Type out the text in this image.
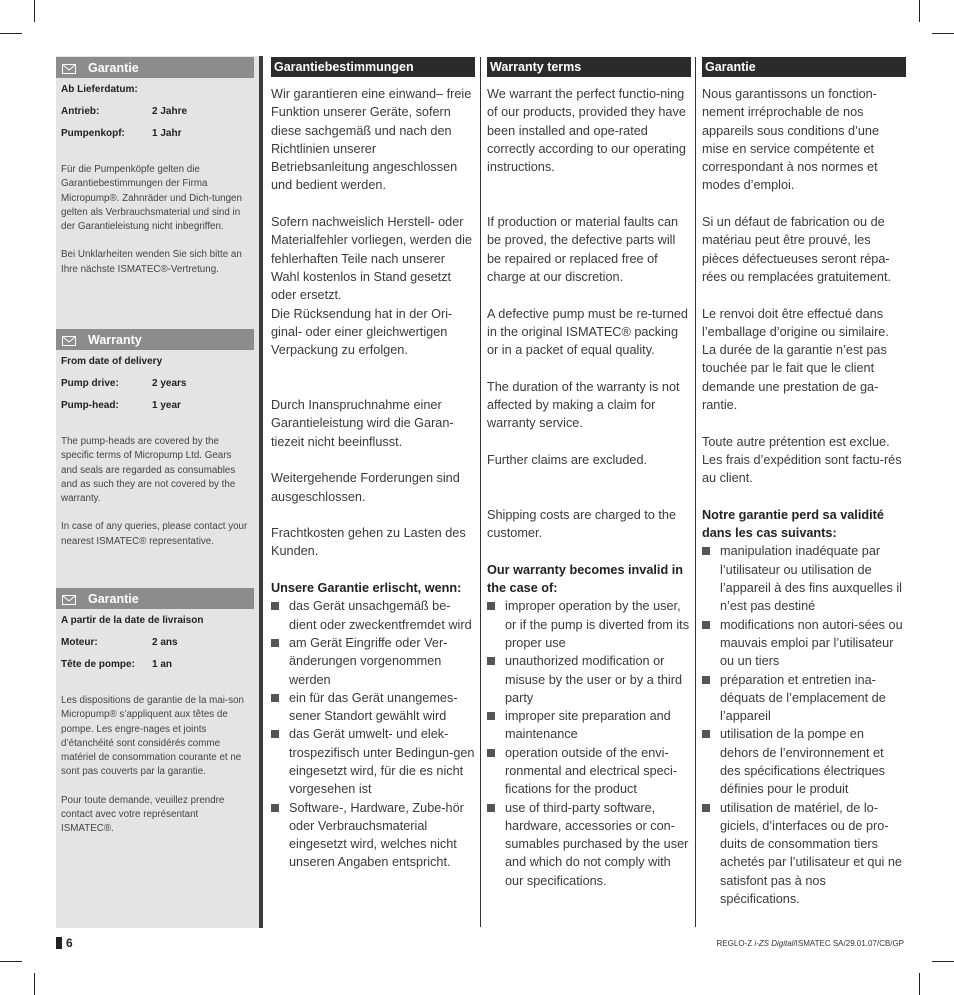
Garantie
Ab Lieferdatum:
Antrieb:	2 Jahre
Pumpenkopf:	1 Jahr

Für die Pumpenköpfe gelten die Garantiebestimmungen der Firma Micropump®. Zahnräder und Dich-tungen gelten als Verbrauchsmaterial und sind in der Garantieleistung nicht inbegriffen.

Bei Unklarheiten wenden Sie sich bitte an Ihre nächste ISMATEC®-Vertretung.

Warranty
From date of delivery
Pump drive:	2 years
Pump-head:	1 year

The pump-heads are covered by the specific terms of Micropump Ltd. Gears and seals are regarded as consumables and as such they are not covered by the warranty.

In case of any queries, please contact your nearest ISMATEC® representative.

Garantie
A partir de la date de livraison
Moteur:	2 ans
Tête de pompe:	1 an

Les dispositions de garantie de la mai-son Micropump® s’appliquent aux têtes de pompe. Les engre-nages et joints d’étanchéité sont considérés comme matériel de consommation courante et ne sont pas couverts par la garantie.

Pour toute demande, veuillez prendre contact avec votre représentant ISMATEC®.

Garantiebestimmungen

Wir garantieren eine einwand– freie Funktion unserer Geräte, sofern diese sachgemäß und nach den Richtlinien unserer Betriebsanleitung angeschlossen und bedient werden.

Sofern nachweislich Herstell- oder Materialfehler vorliegen, werden die fehlerhaften Teile nach unserer Wahl kostenlos in Stand gesetzt oder ersetzt.

Die Rücksendung hat in der Ori-ginal- oder einer gleichwertigen Verpackung zu erfolgen.

Durch Inanspruchnahme einer Garantieleistung wird die Garan-tiezeit nicht beeinflusst.

Weitergehende Forderungen sind ausgeschlossen.

Frachtkosten gehen zu Lasten des Kunden.

Unsere Garantie erlischt, wenn:

das Gerät unsachgemäß be-dient oder zweckentfremdet wird
am Gerät Eingriffe oder Ver-änderungen vorgenommen werden
ein für das Gerät unangemes-sener Standort gewählt wird
das Gerät umwelt- und elek-trospezifisch unter Bedingun-gen eingesetzt wird, für die es nicht vorgesehen ist
Software-, Hardware, Zube-hör oder Verbrauchsmaterial eingesetzt wird, welches nicht unseren Angaben entspricht.
Warranty terms

We warrant the perfect functio-ning of our products, provided they have been installed and ope-rated correctly according to our operating instructions.

If production or material faults can be proved, the defective parts will be repaired or replaced free of charge at our discretion.

A defective pump must be re-turned in the original ISMATEC® packing or in a packet of equal quality.

The duration of the warranty is not affected by making a claim for warranty service.

Further claims are excluded.

Shipping costs are charged to the customer.

Our warranty becomes invalid in the case of:

improper operation by the user, or if the pump is diverted from its proper use
unauthorized modification or misuse by the user or by a third party
improper site preparation and maintenance
operation outside of the envi-ronmental and electrical speci-fications for the product
use of third-party software, hardware, accessories or con-sumables purchased by the user and which do not comply with our specifications.
Garantie

Nous garantissons un fonction-nement irréprochable de nos appareils sous conditions d’une mise en service compétente et correspondant à nos normes et modes d’emploi.

Si un défaut de fabrication ou de matériau peut être prouvé, les pièces défectueuses seront répa-rées ou remplacées gratuitement.

Le renvoi doit être effectué dans l’emballage d’origine ou similaire. La durée de la garantie n’est pas touchée par le fait que le client demande une prestation de ga-rantie.

Toute autre prétention est exclue. Les frais d’expédition sont factu-rés au client.

Notre garantie perd sa validité dans les cas suivants:

manipulation inadéquate par l’utilisateur ou utilisation de l’appareil à des fins auxquelles il n’est pas destiné
modifications non autori-sées ou mauvais emploi par l’utilisateur ou un tiers
préparation et entretien ina-déquats de l’emplacement de l’appareil
utilisation de la pompe en dehors de l’environnement et des spécifications électriques définies pour le produit
utilisation de matériel, de lo-giciels, d’interfaces ou de pro-duits de consommation tiers achetés par l’utilisateur et qui ne satisfont pas à nos spécifications.
6	REGLO-Z i-ZS Digital/ISMATEC SA/29.01.07/CB/GP
